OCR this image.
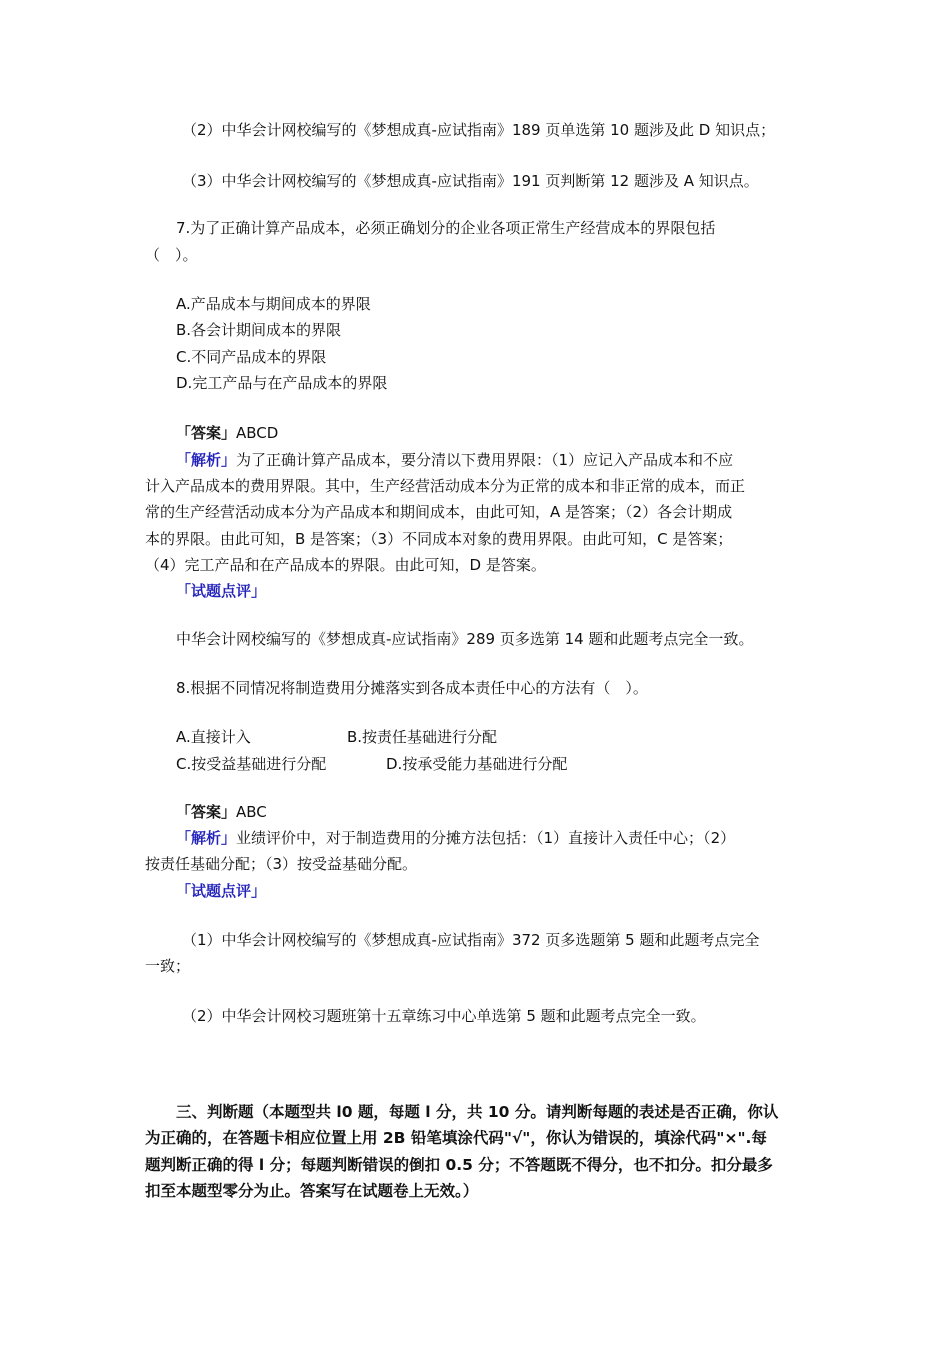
（2）中华会计网校编写的《梦想成真-应试指南》189 页单选第 10 题涉及此 D 知识点；
（3）中华会计网校编写的《梦想成真-应试指南》191 页判断第 12 题涉及 A 知识点。
7.为了正确计算产品成本，必须正确划分的企业各项正常生产经营成本的界限包括
（　）。
A.产品成本与期间成本的界限
B.各会计期间成本的界限
C.不同产品成本的界限
D.完工产品与在产品成本的界限
「答案」ABCD
「解析」为了正确计算产品成本，要分清以下费用界限：（1）应记入产品成本和不应
计入产品成本的费用界限。其中，生产经营活动成本分为正常的成本和非正常的成本，而正
常的生产经营活动成本分为产品成本和期间成本，由此可知，A 是答案；（2）各会计期成
本的界限。由此可知，B 是答案；（3）不同成本对象的费用界限。由此可知，C 是答案；
（4）完工产品和在产品成本的界限。由此可知，D 是答案。
「试题点评」
中华会计网校编写的《梦想成真-应试指南》289 页多选第 14 题和此题考点完全一致。
8.根据不同情况将制造费用分摊落实到各成本责任中心的方法有（　）。
A.直接计入	B.按责任基础进行分配
C.按受益基础进行分配	D.按承受能力基础进行分配
「答案」ABC
「解析」业绩评价中，对于制造费用的分摊方法包括：（1）直接计入责任中心；（2）
按责任基础分配；（3）按受益基础分配。
「试题点评」
（1）中华会计网校编写的《梦想成真-应试指南》372 页多选题第 5 题和此题考点完全
一致；
（2）中华会计网校习题班第十五章练习中心单选第 5 题和此题考点完全一致。
三、判断题（本题型共 l0 题，每题 l 分，共 10 分。请判断每题的表述是否正确，你认
为正确的，在答题卡相应位置上用 2B 铅笔填涂代码"√"，你认为错误的，填涂代码"×".每
题判断正确的得 l 分；每题判断错误的倒扣 0.5 分；不答题既不得分，也不扣分。扣分最多
扣至本题型零分为止。答案写在试题卷上无效。）
